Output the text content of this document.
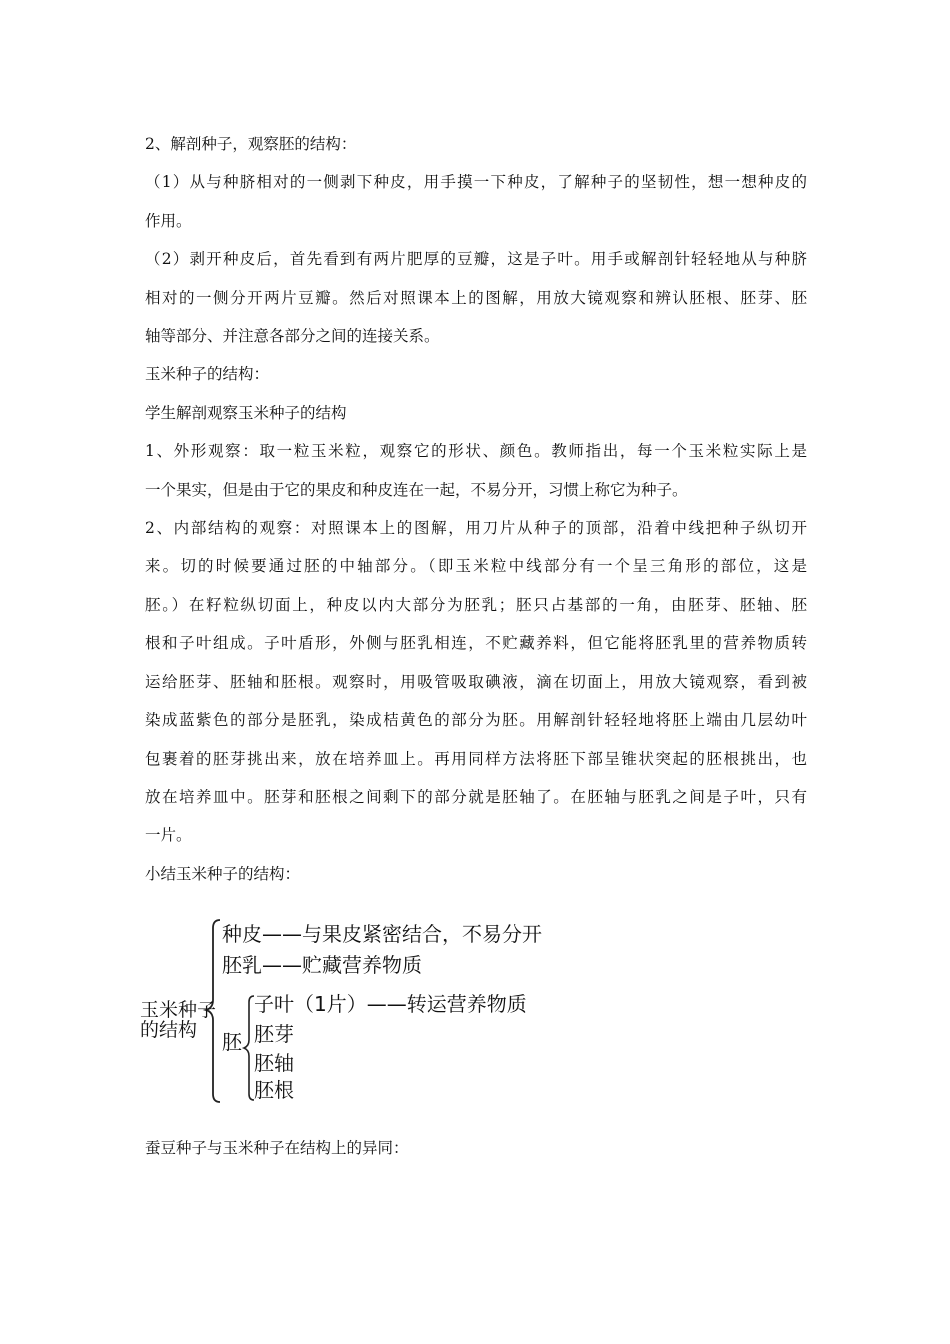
2、解剖种子，观察胚的结构：

（1）从与种脐相对的一侧剥下种皮，用手摸一下种皮，了解种子的坚韧性，想一想种皮的

作用。

（2）剥开种皮后，首先看到有两片肥厚的豆瓣，这是子叶。用手或解剖针轻轻地从与种脐

相对的一侧分开两片豆瓣。然后对照课本上的图解，用放大镜观察和辨认胚根、胚芽、胚

轴等部分、并注意各部分之间的连接关系。

玉米种子的结构：

学生解剖观察玉米种子的结构

1、外形观察：取一粒玉米粒，观察它的形状、颜色。教师指出，每一个玉米粒实际上是

一个果实，但是由于它的果皮和种皮连在一起，不易分开，习惯上称它为种子。

2、内部结构的观察：对照课本上的图解，用刀片从种子的顶部，沿着中线把种子纵切开

来。切的时候要通过胚的中轴部分。（即玉米粒中线部分有一个呈三角形的部位，这是

胚。）在籽粒纵切面上，种皮以内大部分为胚乳；胚只占基部的一角，由胚芽、胚轴、胚

根和子叶组成。子叶盾形，外侧与胚乳相连，不贮藏养料，但它能将胚乳里的营养物质转

运给胚芽、胚轴和胚根。观察时，用吸管吸取碘液，滴在切面上，用放大镜观察，看到被

染成蓝紫色的部分是胚乳，染成桔黄色的部分为胚。用解剖针轻轻地将胚上端由几层幼叶

包裹着的胚芽挑出来，放在培养皿上。再用同样方法将胚下部呈锥状突起的胚根挑出，也

放在培养皿中。胚芽和胚根之间剩下的部分就是胚轴了。在胚轴与胚乳之间是子叶，只有

一片。

小结玉米种子的结构：

玉米种子
的结构
种皮——与果皮紧密结合，不易分开
胚乳——贮藏营养物质
胚
子叶（1片）——转运营养物质
胚芽
胚轴
胚根
蚕豆种子与玉米种子在结构上的异同：
